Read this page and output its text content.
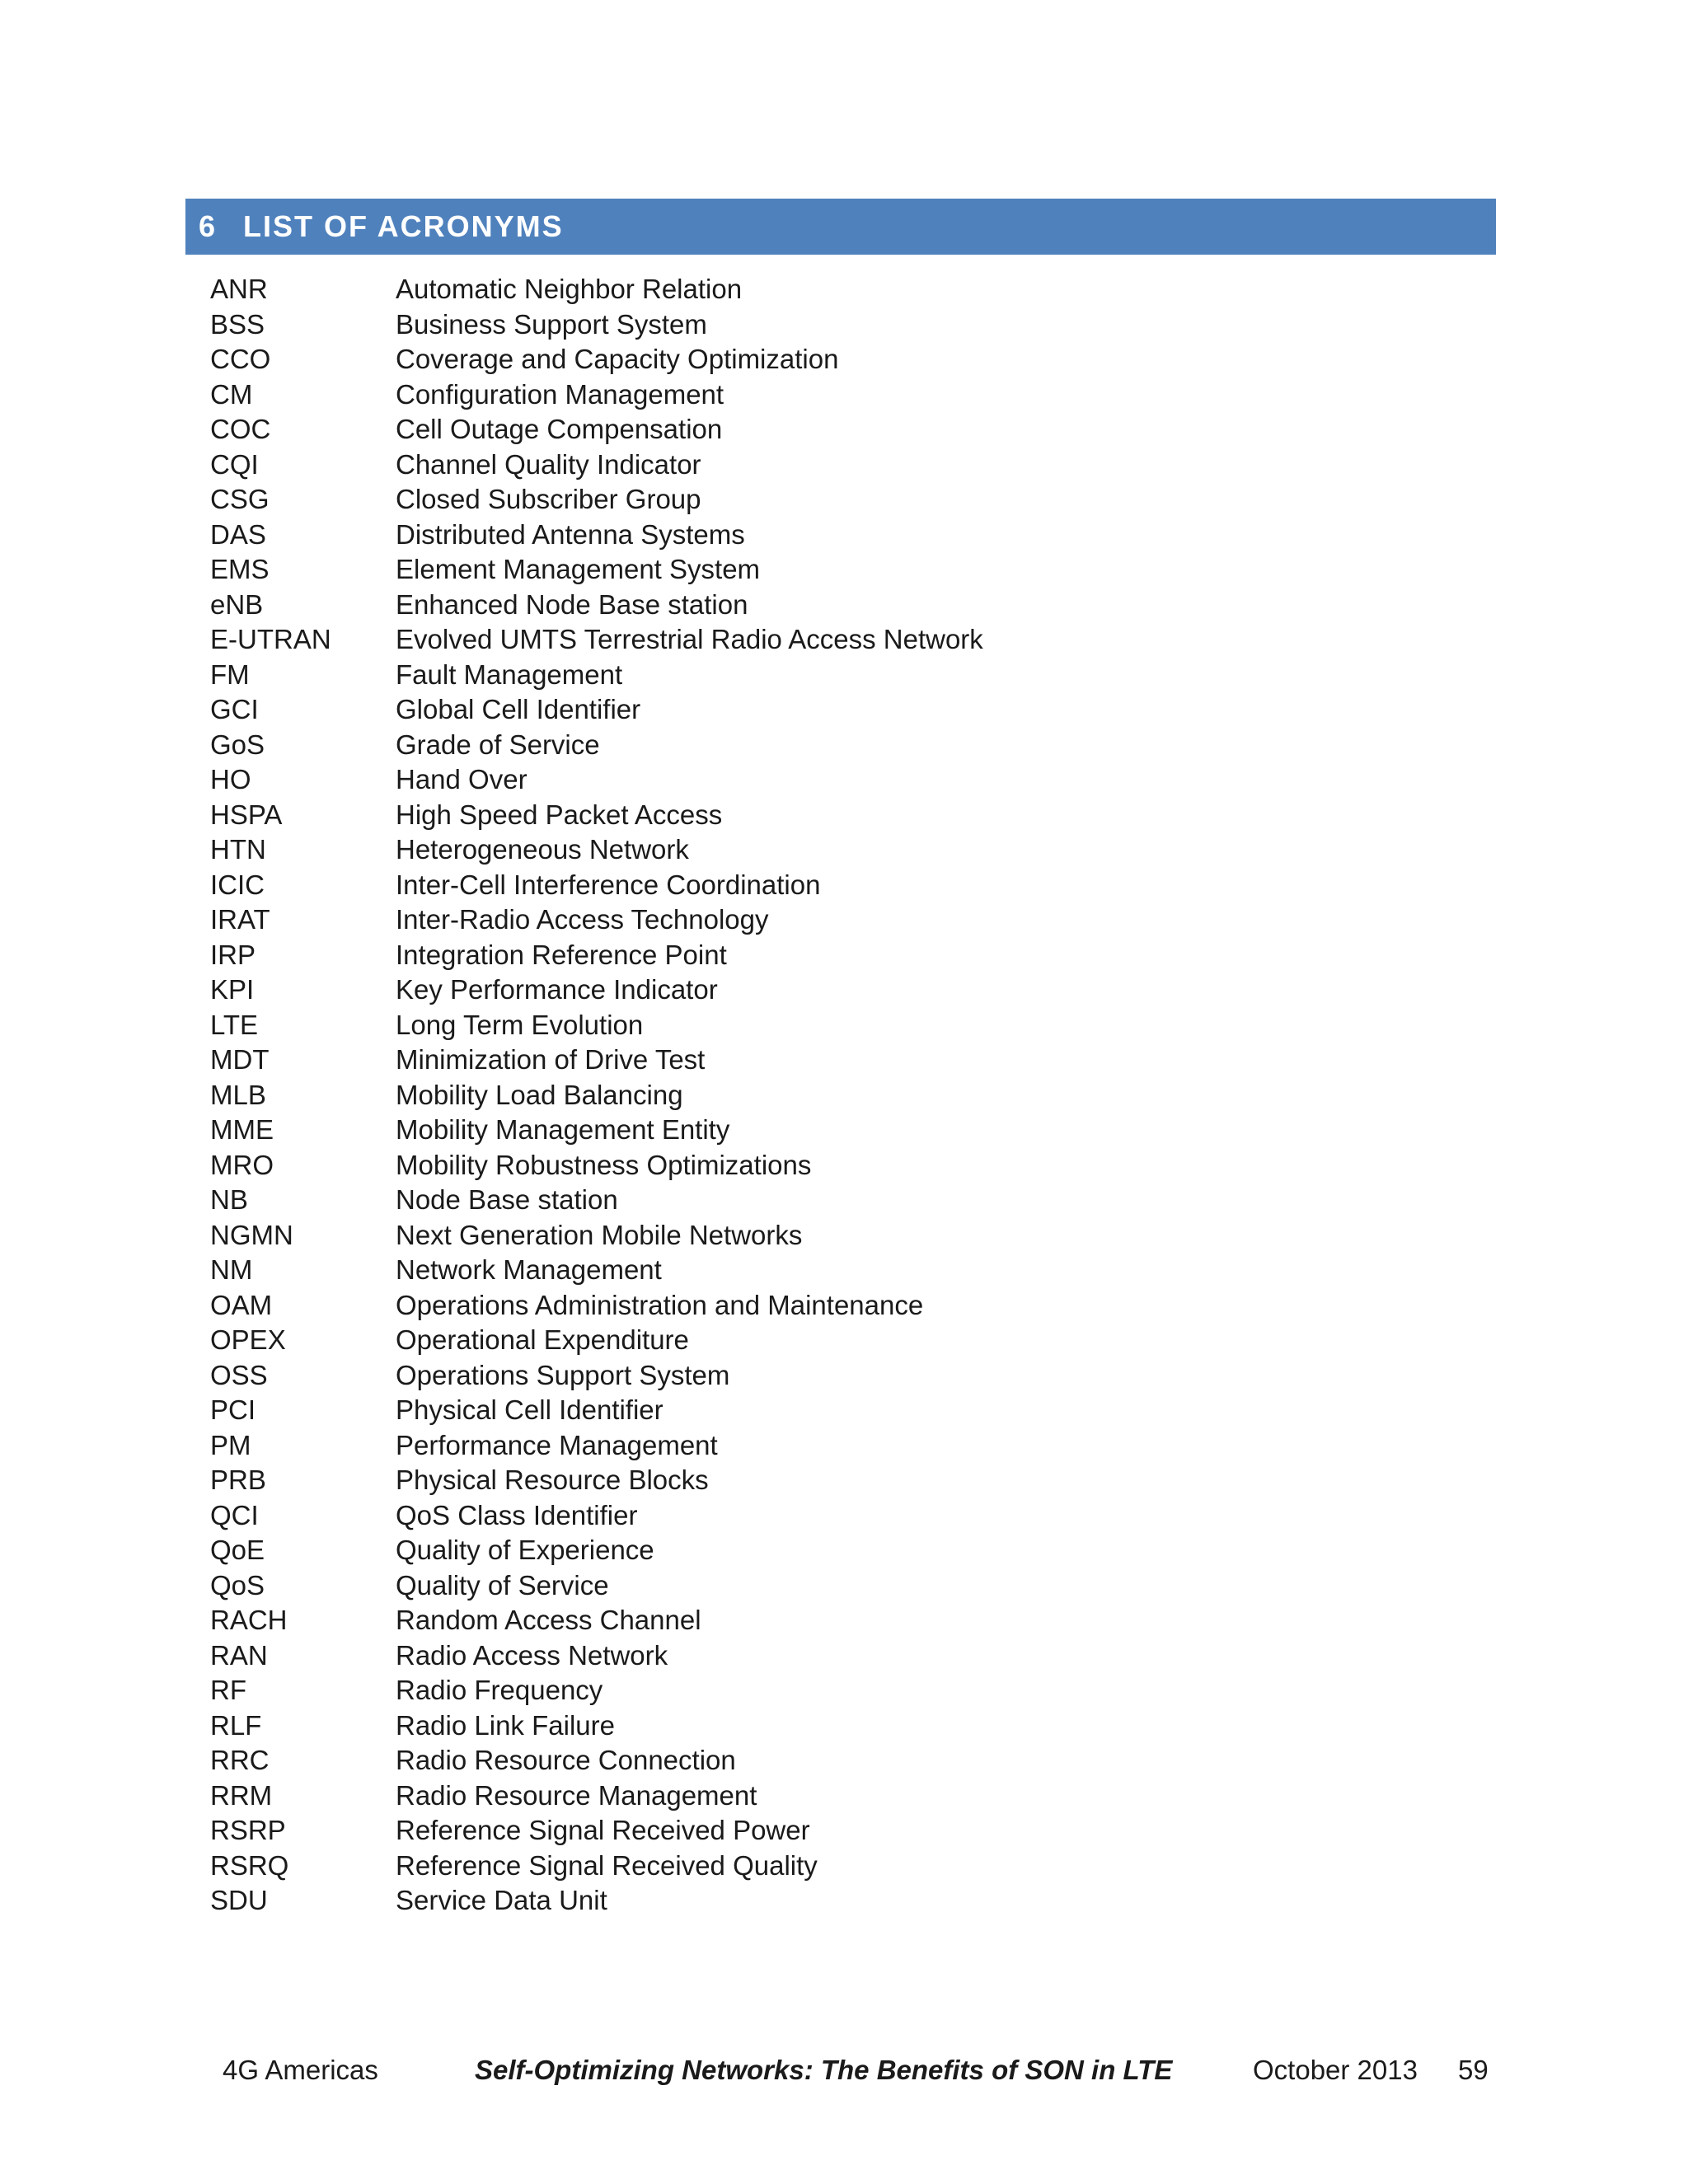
6 LIST OF ACRONYMS
ANR	Automatic Neighbor Relation
BSS	Business Support System
CCO	Coverage and Capacity Optimization
CM	Configuration Management
COC	Cell Outage Compensation
CQI	Channel Quality Indicator
CSG	Closed Subscriber Group
DAS	Distributed Antenna Systems
EMS	Element Management System
eNB	Enhanced Node Base station
E-UTRAN Evolved UMTS Terrestrial Radio Access Network
FM	Fault Management
GCI	Global Cell Identifier
GoS	Grade of Service
HO	Hand Over
HSPA	High Speed Packet Access
HTN	Heterogeneous Network
ICIC	Inter-Cell Interference Coordination
IRAT	Inter-Radio Access Technology
IRP	Integration Reference Point
KPI	Key Performance Indicator
LTE	Long Term Evolution
MDT	Minimization of Drive Test
MLB	Mobility Load Balancing
MME	Mobility Management Entity
MRO	Mobility Robustness Optimizations
NB	Node Base station
NGMN	Next Generation Mobile Networks
NM	Network Management
OAM	Operations Administration and Maintenance
OPEX	Operational Expenditure
OSS	Operations Support System
PCI	Physical Cell Identifier
PM	Performance Management
PRB	Physical Resource Blocks
QCI	QoS Class Identifier
QoE	Quality of Experience
QoS	Quality of Service
RACH	Random Access Channel
RAN	Radio Access Network
RF	Radio Frequency
RLF	Radio Link Failure
RRC	Radio Resource Connection
RRM	Radio Resource Management
RSRP	Reference Signal Received Power
RSRQ	Reference Signal Received Quality
SDU	Service Data Unit
4G Americas	Self-Optimizing Networks: The Benefits of SON in LTE	October 2013 59
